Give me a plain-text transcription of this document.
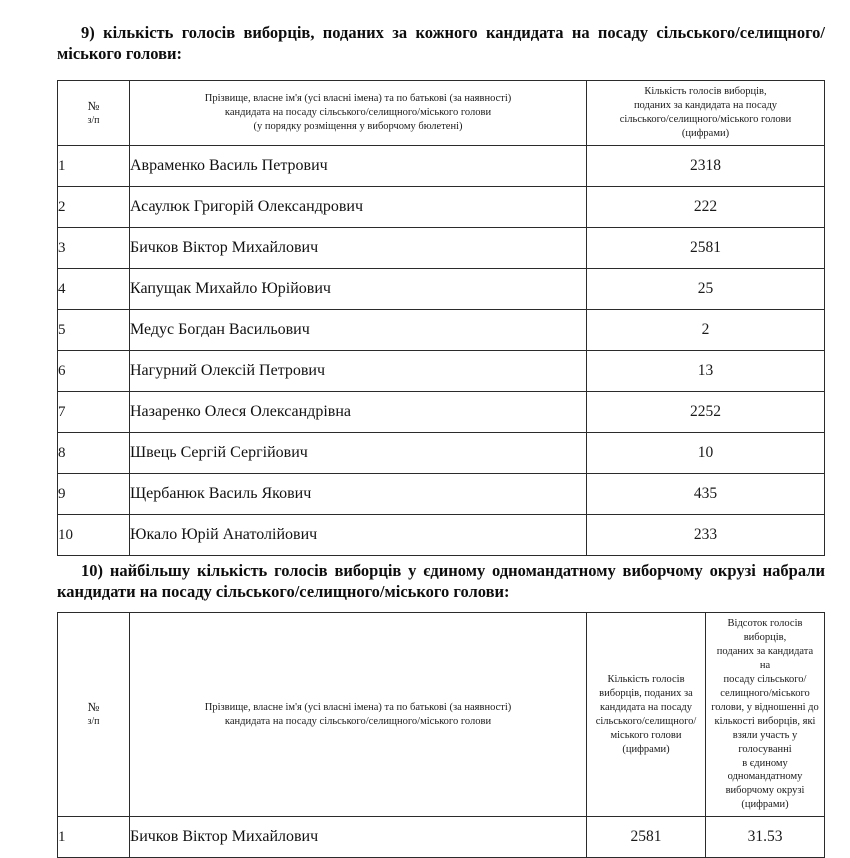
9) кількість голосів виборців, поданих за кожного кандидата на посаду сільського/селищного/ міського голови:
№
з/п

Прізвище, власне ім'я (усі власні імена) та по батькові (за наявності)
кандидата на посаду сільського/селищного/міського голови
(у порядку розміщення у виборчому бюлетені)

Кількість голосів виборців,
поданих за кандидата на посаду
сільського/селищного/міського голови
(цифрами)

1	Авраменко Василь Петрович	2318
2	Асаулюк Григорій Олександрович	222
3	Бичков Віктор Михайлович	2581
4	Капущак Михайло Юрійович	25
5	Медус Богдан Васильович	2
6	Нагурний Олексій Петрович	13
7	Назаренко Олеся Олександрівна	2252
8	Швець Сергій Сергійович	10
9	Щербанюк Василь Якович	435
10	Юкало Юрій Анатолійович	233
10) найбільшу кількість голосів виборців у єдиному одномандатному виборчому окрузі набрали кандидати на посаду сільського/селищного/міського голови:
№
з/п

Прізвище, власне ім'я (усі власні імена) та по батькові (за наявності)
кандидата на посаду сільського/селищного/міського голови

Кількість голосів
виборців, поданих за
кандидата на посаду
сільського/селищного/
міського голови
(цифрами)

Відсоток голосів виборців,
поданих за кандидата на
посаду сільського/
селищного/міського
голови, у відношенні до
кількості виборців, які
взяли участь у голосуванні
в єдиному одномандатному
виборчому окрузі
(цифрами)

1	Бичков Віктор Михайлович	2581	31.53
